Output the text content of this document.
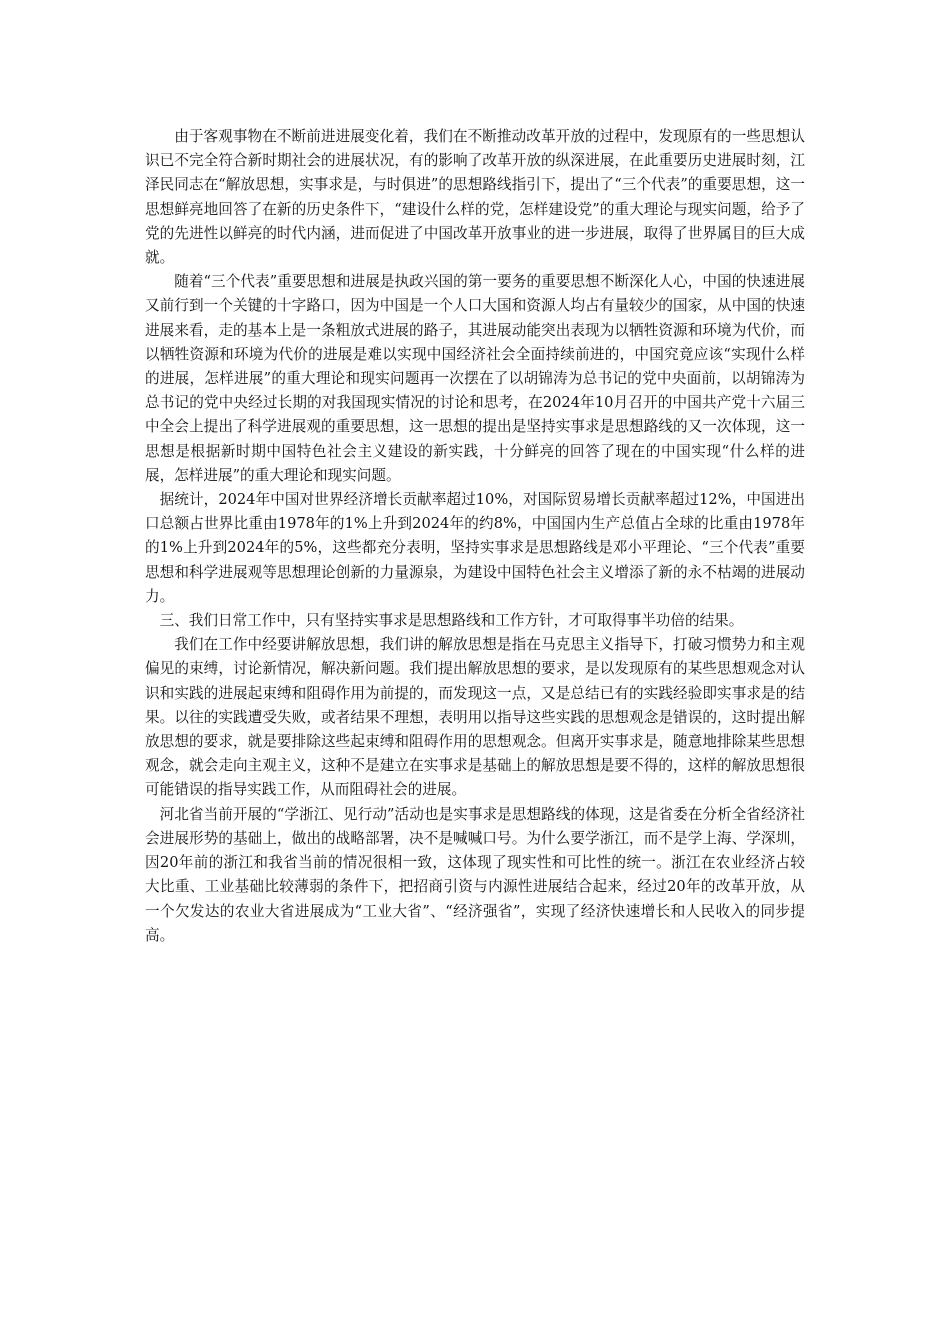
由于客观事物在不断前进进展变化着，我们在不断推动改革开放的过程中，发现原有的一些思想认识已不完全符合新时期社会的进展状况，有的影响了改革开放的纵深进展，在此重要历史进展时刻，江泽民同志在“解放思想，实事求是，与时俱进”的思想路线指引下，提出了“三个代表”的重要思想，这一思想鲜亮地回答了在新的历史条件下，“建设什么样的党，怎样建设党”的重大理论与现实问题，给予了党的先进性以鲜亮的时代内涵，进而促进了中国改革开放事业的进一步进展，取得了世界属目的巨大成就。

随着“三个代表”重要思想和进展是执政兴国的第一要务的重要思想不断深化人心，中国的快速进展又前行到一个关键的十字路口，因为中国是一个人口大国和资源人均占有量较少的国家，从中国的快速进展来看，走的基本上是一条粗放式进展的路子，其进展动能突出表现为以牺牲资源和环境为代价，而以牺牲资源和环境为代价的进展是难以实现中国经济社会全面持续前进的，中国究竟应该“实现什么样的进展，怎样进展”的重大理论和现实问题再一次摆在了以胡锦涛为总书记的党中央面前，以胡锦涛为总书记的党中央经过长期的对我国现实情况的讨论和思考，在2024年10月召开的中国共产党十六届三中全会上提出了科学进展观的重要思想，这一思想的提出是坚持实事求是思想路线的又一次体现，这一思想是根据新时期中国特色社会主义建设的新实践，十分鲜亮的回答了现在的中国实现“什么样的进展，怎样进展”的重大理论和现实问题。

据统计，2024年中国对世界经济增长贡献率超过10%，对国际贸易增长贡献率超过12%，中国进出口总额占世界比重由1978年的1%上升到2024年的约8%，中国国内生产总值占全球的比重由1978年的1%上升到2024年的5%，这些都充分表明，坚持实事求是思想路线是邓小平理论、“三个代表”重要思想和科学进展观等思想理论创新的力量源泉，为建设中国特色社会主义增添了新的永不枯竭的进展动力。

三、我们日常工作中，只有坚持实事求是思想路线和工作方针，才可取得事半功倍的结果。

我们在工作中经要讲解放思想，我们讲的解放思想是指在马克思主义指导下，打破习惯势力和主观偏见的束缚，讨论新情况，解决新问题。我们提出解放思想的要求，是以发现原有的某些思想观念对认识和实践的进展起束缚和阻碍作用为前提的，而发现这一点，又是总结已有的实践经验即实事求是的结果。以往的实践遭受失败，或者结果不理想，表明用以指导这些实践的思想观念是错误的，这时提出解放思想的要求，就是要排除这些起束缚和阻碍作用的思想观念。但离开实事求是，随意地排除某些思想观念，就会走向主观主义，这种不是建立在实事求是基础上的解放思想是要不得的，这样的解放思想很可能错误的指导实践工作，从而阻碍社会的进展。

河北省当前开展的“学浙江、见行动”活动也是实事求是思想路线的体现，这是省委在分析全省经济社会进展形势的基础上，做出的战略部署，决不是喊喊口号。为什么要学浙江，而不是学上海、学深圳，因20年前的浙江和我省当前的情况很相一致，这体现了现实性和可比性的统一。浙江在农业经济占较大比重、工业基础比较薄弱的条件下，把招商引资与内源性进展结合起来，经过20年的改革开放，从一个欠发达的农业大省进展成为“工业大省”、“经济强省”，实现了经济快速增长和人民收入的同步提高。
